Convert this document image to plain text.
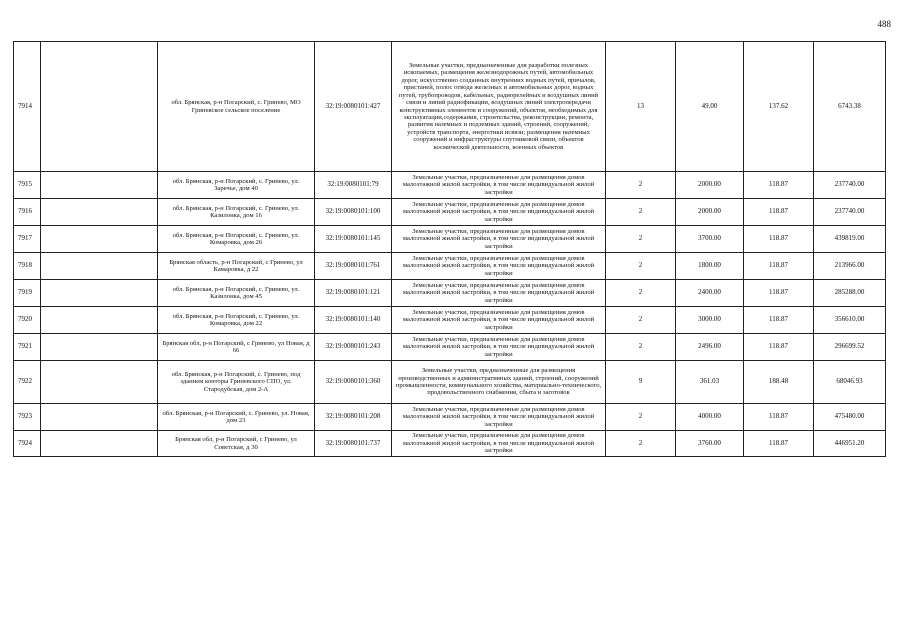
488
7914		обл. Брянская, р-н Погарский, с. Гринево, МО Гриневское сельское поселение	32:19:0080101:427	Земельные участки, предназначенные для разработки полезных ископаемых, размещения железнодорожных путей, автомобильных дорог, искусственно созданных внутренних водных путей, причалов, пристаней, полос отвода железных и автомобильных дорог, водных путей, трубопроводов, кабельных, радиорелейных и воздушных линий связи и линий радиофикации, воздушных линий электропередачи конструктивных элементов и сооружений, объектов, необходимых для эксплуатации,содержания, строительства, реконструкции, ремонта, развития наземных и подземных зданий, строений, сооружений, устройств транспорта, энергетики исвязи; размещения наземных сооружений и инфраструктуры спутниковой связи, объектов космической деятельности, военных объектов	13	49.00	137.62	6743.38
7915		обл. Брянская, р-н Погарский, с. Гринево, ул. Заречье, дом 40	32:19:0080101:79	Земельные участки, предназначенные для размещения домов малоэтажной жилой застройки, в том числе индивидуальной жилой застройки	2	2000.00	118.87	237740.00
7916		обл. Брянская, р-н Погарский, с. Гринево, ул. Казилонка, дом 16	32:19:0080101:100	Земельные участки, предназначенные для размещения домов малоэтажной жилой застройки, в том числе индивидуальной жилой застройки	2	2000.00	118.87	237740.00
7917		обл. Брянская, р-н Погарский, с. Гринево, ул. Комаровка, дом 26	32:19:0080101:145	Земельные участки, предназначенные для размещения домов малоэтажной жилой застройки, в том числе индивидуальной жилой застройки	2	3700.00	118.87	439819.00
7918		Брянская область, р-н Погарский, с Гринево, ул Камаровка, д 22	32:19:0080101:761	Земельные участки, предназначенные для размещения домов малоэтажной жилой застройки, в том числе индивидуальной жилой застройки	2	1800.00	118.87	213966.00
7919		обл. Брянская, р-н Погарский, с. Гринево, ул. Казилонка, дом 45	32:19:0080101:121	Земельные участки, предназначенные для размещения домов малоэтажной жилой застройки, в том числе индивидуальной жилой застройки	2	2400.00	118.87	285288.00
7920		обл. Брянская, р-н Погарский, с. Гринево, ул. Комаровка, дом 22	32:19:0080101:140	Земельные участки, предназначенные для размещения домов малоэтажной жилой застройки, в том числе индивидуальной жилой застройки	2	3000.00	118.87	356610.00
7921		Брянская обл, р-н Погарский, с Гринево, ул Новая, д 66	32:19:0080101:243	Земельные участки, предназначенные для размещения домов малоэтажной жилой застройки, в том числе индивидуальной жилой застройки	2	2496.00	118.87	296699.52
7922		обл. Брянская, р-н Погарский, с. Гринево, под зданием конторы Гриневского СПО, ул. Стародубская, дом 2-А	32:19:0080101:360	Земельные участки, предназначенные для размещения производственных и административных зданий, строений, сооружений промышленности, коммунального хозяйства, материально-технического, продовольственного снабжения, сбыта и заготовок	9	361.03	188.48	68046.93
7923		обл. Брянская, р-н Погарский, с. Гринево, ул. Новая, дом 23	32:19:0080101:208	Земельные участки, предназначенные для размещения домов малоэтажной жилой застройки, в том числе индивидуальной жилой застройки	2	4000.00	118.87	475480.00
7924		Брянская обл, р-н Погарский, с Гринево, ул Советская, д 30	32:19:0080101:737	Земельные участки, предназначенные для размещения домов малоэтажной жилой застройки, в том числе индивидуальной жилой застройки	2	3760.00	118.87	446951.20
